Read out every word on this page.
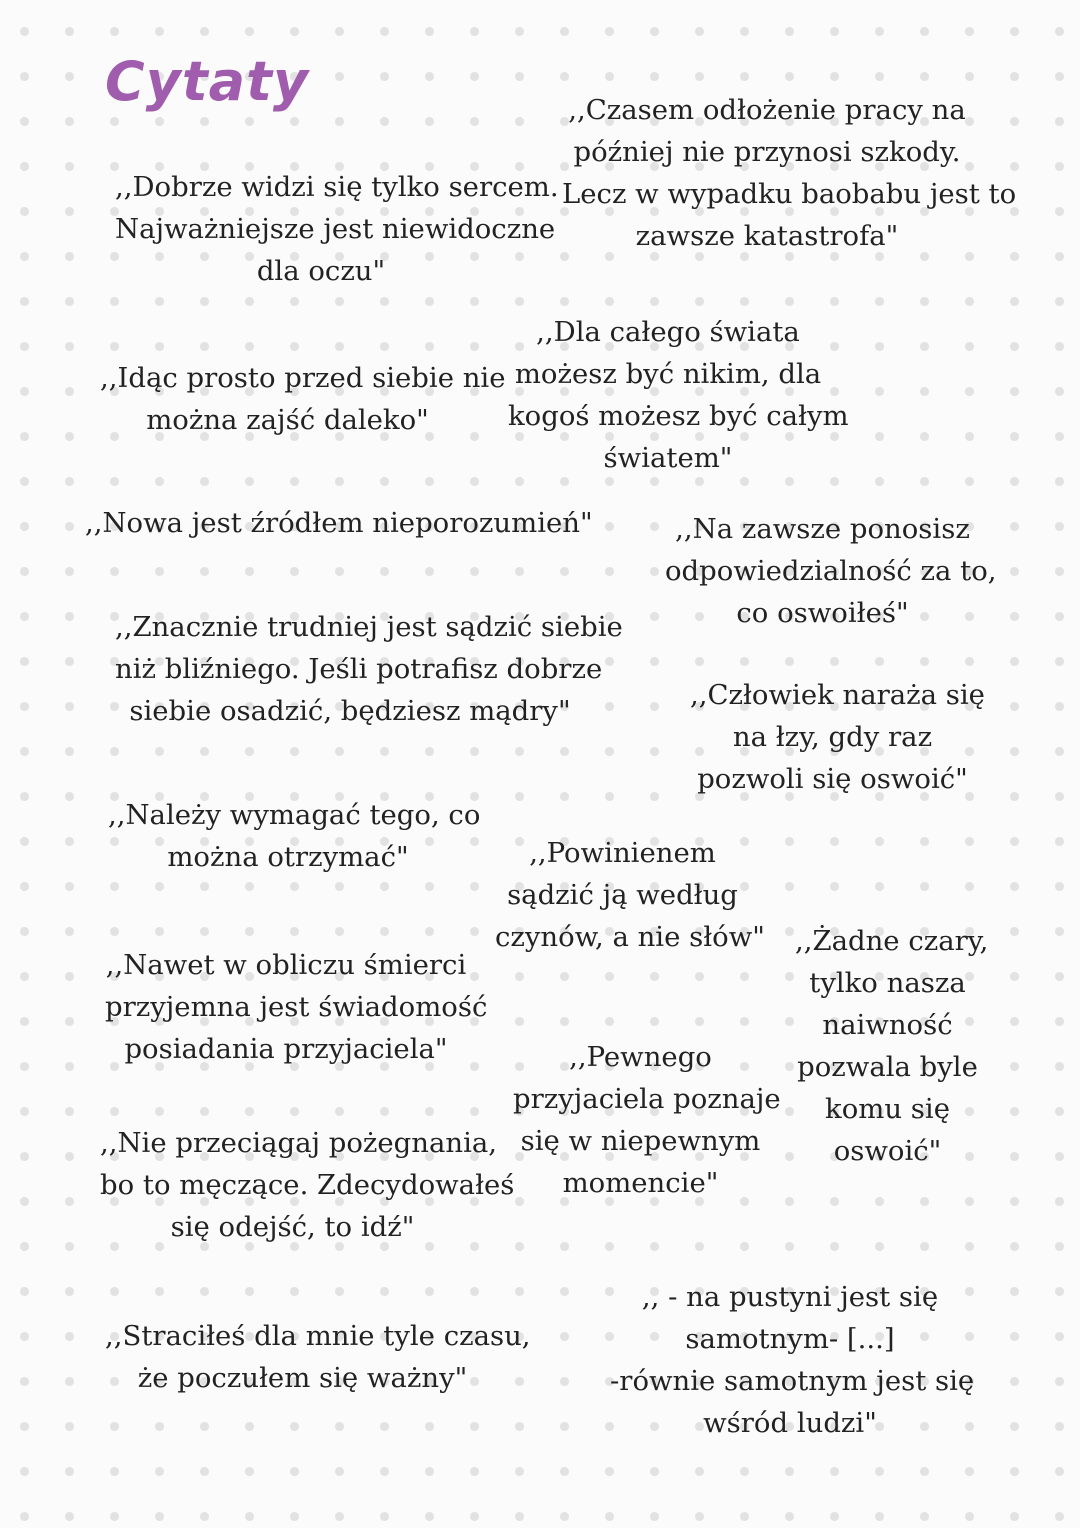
Cytaty	,,Czasem odłożenie pracy na
później nie przynosi szkody.
Lecz w wypadku baobabu jest to
zawsze katastrofa"
,,Dobrze widzi się tylko sercem.
Najważniejsze jest niewidoczne
dla oczu"
,,Dla całego świata
możesz być nikim, dla
kogoś możesz być całym
światem"
,,Idąc prosto przed siebie nie
można zajść daleko"
,,Nowa jest źródłem nieporozumień"	,,Na zawsze ponosisz
odpowiedzialność za to,
co oswoiłeś"
,,Znacznie trudniej jest sądzić siebie
niż bliźniego. Jeśli potrafisz dobrze
siebie osadzić, będziesz mądry"	,,Człowiek naraża się
na łzy, gdy raz
pozwoli się oswoić"
,,Należy wymagać tego, co
można otrzymać"	,,Powinienem
sądzić ją według
czynów, a nie słów" ,,Żadne czary,
tylko nasza
naiwność
pozwala byle
komu się
oswoić"
,,Nawet w obliczu śmierci
przyjemna jest świadomość
posiadania przyjaciela"	,,Pewnego
przyjaciela poznaje
się w niepewnym
momencie"
,,Nie przeciągaj pożegnania,
bo to męczące. Zdecydowałeś
się odejść, to idź"
,, - na pustyni jest się
samotnym- [...]
-równie samotnym jest się
wśród ludzi"
,,Straciłeś dla mnie tyle czasu,
że poczułem się ważny"
